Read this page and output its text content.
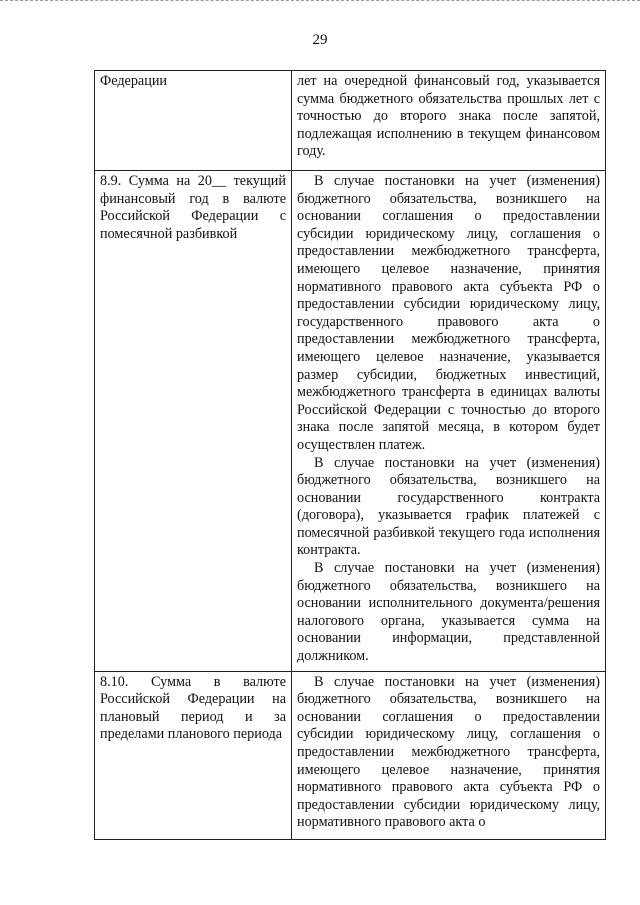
29
Федерации	лет на очередной финансовый год, указывается сумма бюджетного обязательства прошлых лет с точностью до второго знака после запятой, подлежащая исполнению в текущем финансовом году.

8.9. Сумма на 20__ текущий финансовый год в валюте Российской Федерации с помесячной разбивкой	В случае постановки на учет (изменения) бюджетного обязательства, возникшего на основании соглашения о предоставлении субсидии юридическому лицу, соглашения о предоставлении межбюджетного трансферта, имеющего целевое назначение, принятия нормативного правового акта субъекта РФ о предоставлении субсидии юридическому лицу, государственного правового акта о предоставлении межбюджетного трансферта, имеющего целевое назначение, указывается размер субсидии, бюджетных инвестиций, межбюджетного трансферта в единицах валюты Российской Федерации с точностью до второго знака после запятой месяца, в котором будет осуществлен платеж.

В случае постановки на учет (изменения) бюджетного обязательства, возникшего на основании государственного контракта (договора), указывается график платежей с помесячной разбивкой текущего года исполнения контракта.

В случае постановки на учет (изменения) бюджетного обязательства, возникшего на основании исполнительного документа/решения налогового органа, указывается сумма на основании информации, представленной должником.

8.10. Сумма в валюте Российской Федерации на плановый период и за пределами планового периода	В случае постановки на учет (изменения) бюджетного обязательства, возникшего на основании соглашения о предоставлении субсидии юридическому лицу, соглашения о предоставлении межбюджетного трансферта, имеющего целевое назначение, принятия нормативного правового акта субъекта РФ о предоставлении субсидии юридическому лицу, нормативного правового акта о
